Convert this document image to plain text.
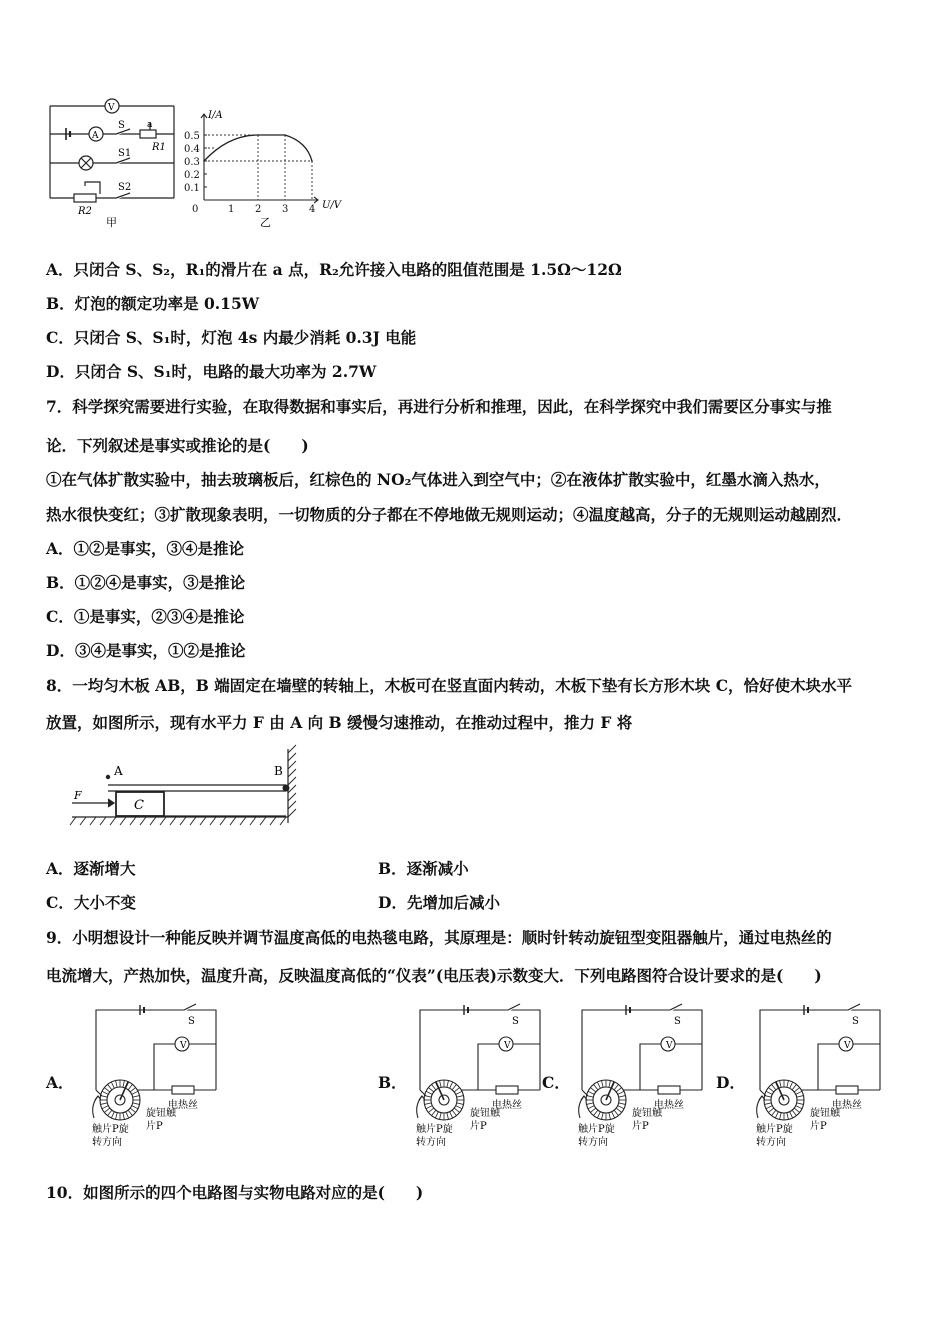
V
A
S a
R1
S1
S2
R2
甲
0	1 2 3 4
0.1
0.2
0.3
0.4
0.5
I/A
U/V
乙
A．只闭合 S、S₂，R₁的滑片在 a 点，R₂允许接入电路的阻值范围是 1.5Ω～12Ω
B．灯泡的额定功率是 0.15W
C．只闭合 S、S₁时，灯泡 4s 内最少消耗 0.3J 电能
D．只闭合 S、S₁时，电路的最大功率为 2.7W
7．科学探究需要进行实验，在取得数据和事实后，再进行分析和推理，因此，在科学探究中我们需要区分事实与推
论．下列叙述是事实或推论的是(　　)
①在气体扩散实验中，抽去玻璃板后，红棕色的 NO₂气体进入到空气中；②在液体扩散实验中，红墨水滴入热水，
热水很快变红；③扩散现象表明，一切物质的分子都在不停地做无规则运动；④温度越高，分子的无规则运动越剧烈．
A．①②是事实，③④是推论
B．①②④是事实，③是推论
C．①是事实，②③④是推论
D．③④是事实，①②是推论
8．一均匀木板 AB，B 端固定在墙壁的转轴上，木板可在竖直面内转动，木板下垫有长方形木块 C，恰好使木块水平
放置，如图所示，现有水平力 F 由 A 向 B 缓慢匀速推动，在推动过程中，推力 F 将
A	B
C
F
A．逐渐增大	B．逐渐减小
C．大小不变	D．先增加后减小
9．小明想设计一种能反映并调节温度高低的电热毯电路，其原理是：顺时针转动旋钮型变阻器触片，通过电热丝的
电流增大，产热加快，温度升高，反映温度高低的“仪表”(电压表)示数变大．下列电路图符合设计要求的是(　　)
A．	B．	C．	D．
V
S
电热丝
旋钮触
片P
触片P旋
转方向
V
S
电热丝
旋钮触
片P
触片P旋
转方向
V
S
电热丝
旋钮触
片P
触片P旋
转方向
V
S
电热丝
旋钮触
片P
触片P旋
转方向
10．如图所示的四个电路图与实物电路对应的是(　　)
